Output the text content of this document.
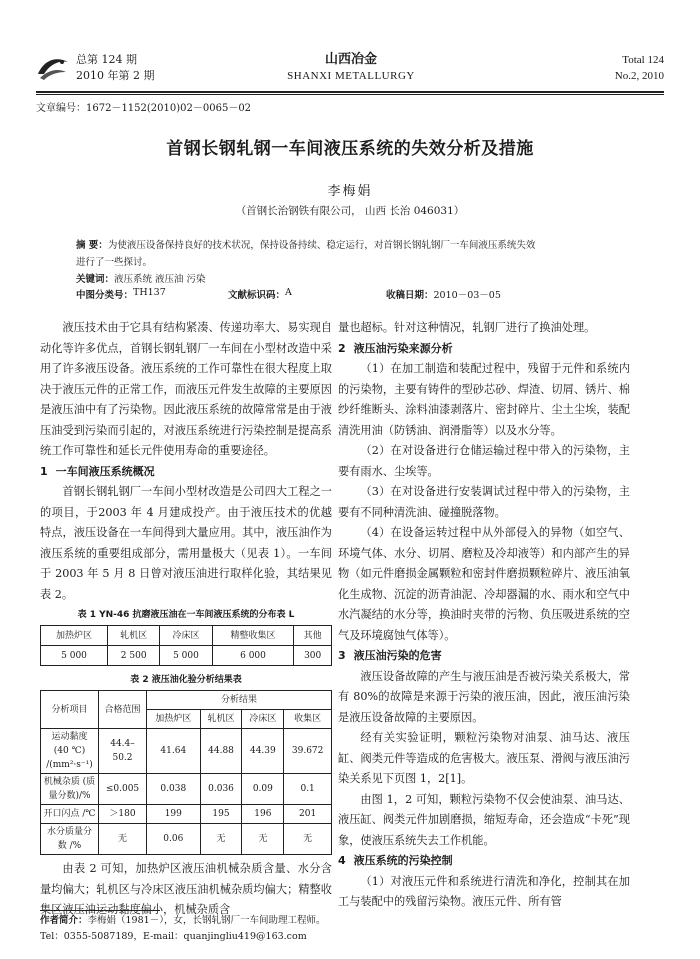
总第 124 期
2010 年第 2 期
山西冶金
SHANXI METALLURGY
Total 124
No.2, 2010
文章编号：1672－1152(2010)02－0065－02
首钢长钢轧钢一车间液压系统的失效分析及措施
李梅娟
（首钢长治钢铁有限公司， 山西 长治 046031）
摘 要：为使液压设备保持良好的技术状况，保持设备持续、稳定运行，对首钢长钢轧钢厂一车间液压系统失效
进行了一些探讨。
关键词：液压系统 液压油 污染
中图分类号： TH137	文献标识码： A	收稿日期： 2010－03－05

液压技术由于它具有结构紧凑、传递功率大、易实现自动化等许多优点，首钢长钢轧钢厂一车间在小型材改造中采用了许多液压设备。液压系统的工作可靠性在很大程度上取决于液压元件的正常工作，而液压元件发生故障的主要原因是液压油中有了污染物。因此液压系统的故障常常是由于液压油受到污染而引起的，对液压系统进行污染控制是提高系统工作可靠性和延长元件使用寿命的重要途径。

1 一车间液压系统概况

首钢长钢轧钢厂一车间小型材改造是公司四大工程之一的项目，于2003 年 4 月建成投产。由于液压技术的优越特点，液压设备在一车间得到大量应用。其中，液压油作为液压系统的重要组成部分，需用量极大（见表 1）。一车间于 2003 年 5 月 8 日曾对液压油进行取样化验，其结果见表 2。

表 1 YN-46 抗磨液压油在一车间液压系统的分布表 L
加热炉区	轧机区	冷床区	精整收集区	其他
5 000	2 500	5 000	6 000	300
表 2 液压油化验分析结果表
分析项目	合格范围	分析结果			
		加热炉区	轧机区	冷床区	收集区
运动黏度 (40 ℃) /(mm²·s⁻¹)	44.4–50.2	41.64	44.88	44.39	39.672
机械杂质 (质量分数)/%	≤0.005	0.038	0.036	0.09	0.1
开口闪点 /℃	＞180	199	195	196	201
水分质量分数 /%	无	0.06	无	无	无

由表 2 可知，加热炉区液压油机械杂质含量、水分含量均偏大；轧机区与冷床区液压油机械杂质均偏大；精整收集区液压油运动黏度偏小，机械杂质含

量也超标。针对这种情况，轧钢厂进行了换油处理。

2 液压油污染来源分析

（1）在加工制造和装配过程中，残留于元件和系统内的污染物，主要有铸件的型砂芯砂、焊渣、切屑、锈片、棉纱纤维断头、涂料油漆剥落片、密封碎片、尘土尘埃，装配清洗用油（防锈油、润滑脂等）以及水分等。

（2）在对设备进行仓储运输过程中带入的污染物，主要有雨水、尘埃等。

（3）在对设备进行安装调试过程中带入的污染物，主要有不同种清洗油、碰撞脱落物。

（4）在设备运转过程中从外部侵入的异物（如空气、环境气体、水分、切屑、磨粒及冷却液等）和内部产生的异物（如元件磨损金属颗粒和密封件磨损颗粒碎片、液压油氧化生成物、沉淀的沥青油泥、冷却器漏的水、雨水和空气中水汽凝结的水分等，换油时夹带的污物、负压吸进系统的空气及环境腐蚀气体等）。

3 液压油污染的危害

液压设备故障的产生与液压油是否被污染关系极大，常有 80%的故障是来源于污染的液压油，因此，液压油污染是液压设备故障的主要原因。

经有关实验证明，颗粒污染物对油泵、油马达、液压缸、阀类元件等造成的危害极大。液压泵、滑阀与液压油污染关系见下页图 1，2[1]。

由图 1，2 可知，颗粒污染物不仅会使油泵、油马达、液压缸、阀类元件加剧磨损，缩短寿命，还会造成“卡死”现象，使液压系统失去工作机能。

4 液压系统的污染控制

（1）对液压元件和系统进行清洗和净化，控制其在加工与装配中的残留污染物。液压元件、所有管

作者简介：李梅娟（1981－），女，长钢轧钢厂一车间助理工程师。Tel：0355-5087189，E-mail：quanjingliu419@163.com
